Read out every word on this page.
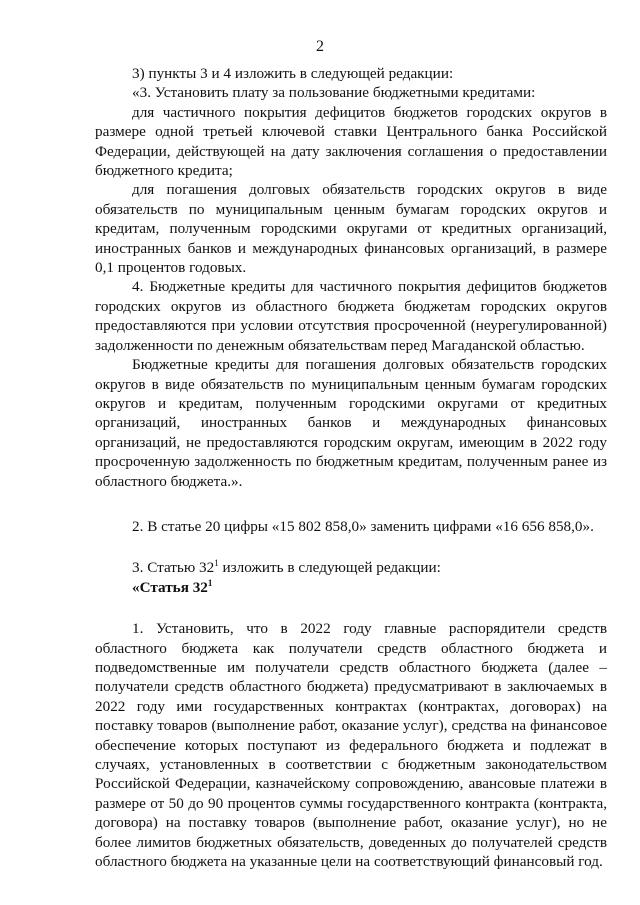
2

3) пункты 3 и 4 изложить в следующей редакции:

«3. Установить плату за пользование бюджетными кредитами:

для частичного покрытия дефицитов бюджетов городских округов в размере одной третьей ключевой ставки Центрального банка Российской Федерации, действующей на дату заключения соглашения о предоставлении бюджетного кредита;

для погашения долговых обязательств городских округов в виде обязательств по муниципальным ценным бумагам городских округов и кредитам, полученным городскими округами от кредитных организаций, иностранных банков и международных финансовых организаций, в размере 0,1 процентов годовых.

4. Бюджетные кредиты для частичного покрытия дефицитов бюджетов городских округов из областного бюджета бюджетам городских округов предоставляются при условии отсутствия просроченной (неурегулированной) задолженности по денежным обязательствам перед Магаданской областью.

Бюджетные кредиты для погашения долговых обязательств городских округов в виде обязательств по муниципальным ценным бумагам городских округов и кредитам, полученным городскими округами от кредитных организаций, иностранных банков и международных финансовых организаций, не предоставляются городским округам, имеющим в 2022 году просроченную задолженность по бюджетным кредитам, полученным ранее из областного бюджета.».

2. В статье 20 цифры «15 802 858,0» заменить цифрами «16 656 858,0».

3. Статью $32^1$ изложить в следующей редакции:

«Статья $32^1$

1. Установить, что в 2022 году главные распорядители средств областного бюджета как получатели средств областного бюджета и подведомственные им получатели средств областного бюджета (далее – получатели средств областного бюджета) предусматривают в заключаемых в 2022 году ими государственных контрактах (контрактах, договорах) на поставку товаров (выполнение работ, оказание услуг), средства на финансовое обеспечение которых поступают из федерального бюджета и подлежат в случаях, установленных в соответствии с бюджетным законодательством Российской Федерации, казначейскому сопровождению, авансовые платежи в размере от 50 до 90 процентов суммы государственного контракта (контракта, договора) на поставку товаров (выполнение работ, оказание услуг), но не более лимитов бюджетных обязательств, доведенных до получателей средств областного бюджета на указанные цели на соответствующий финансовый год.
